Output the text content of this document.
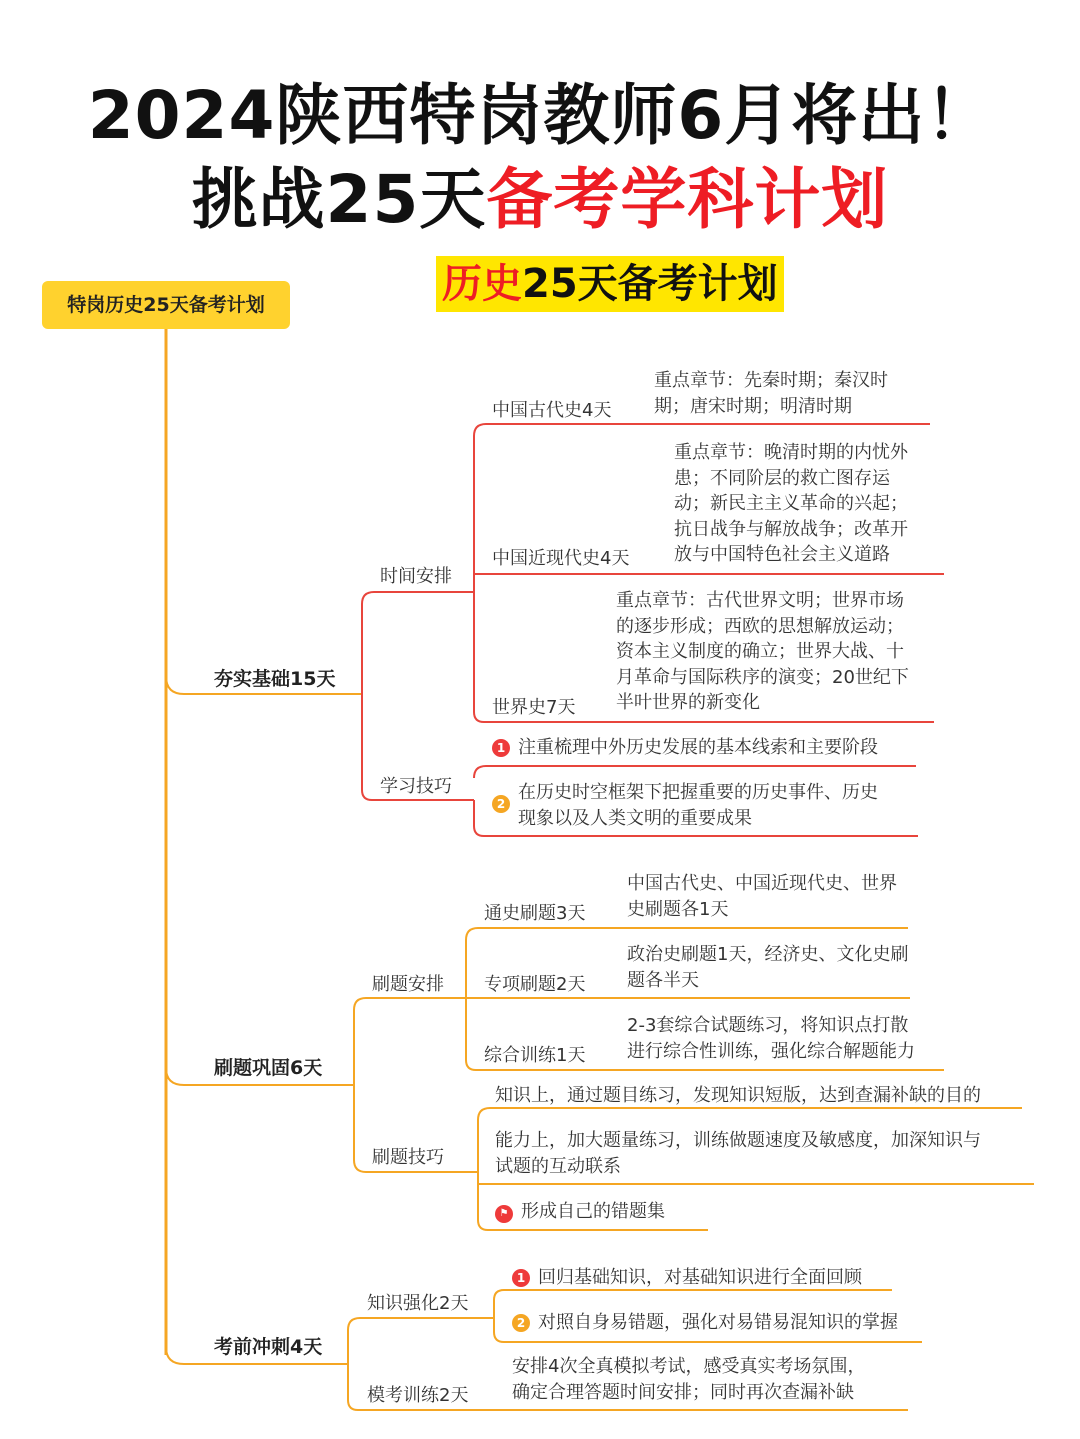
2024陕西特岗教师6月将出！
挑战25天备考学科计划
历史25天备考计划
特岗历史25天备考计划
夯实基础15天
刷题巩固6天
考前冲刺4天
时间安排
学习技巧
中国古代史4天
重点章节：先秦时期；秦汉时
期；唐宋时期；明清时期
中国近现代史4天
重点章节：晚清时期的内忧外
患；不同阶层的救亡图存运
动；新民主主义革命的兴起；
抗日战争与解放战争；改革开
放与中国特色社会主义道路
世界史7天
重点章节：古代世界文明；世界市场
的逐步形成；西欧的思想解放运动；
资本主义制度的确立；世界大战、十
月革命与国际秩序的演变；20世纪下
半叶世界的新变化
1 注重梳理中外历史发展的基本线索和主要阶段
2
在历史时空框架下把握重要的历史事件、历史
现象以及人类文明的重要成果
刷题安排
刷题技巧
通史刷题3天
中国古代史、中国近现代史、世界
史刷题各1天
专项刷题2天
政治史刷题1天，经济史、文化史刷
题各半天
综合训练1天
2-3套综合试题练习，将知识点打散
进行综合性训练，强化综合解题能力
知识上，通过题目练习，发现知识短版，达到查漏补缺的目的
能力上，加大题量练习，训练做题速度及敏感度，加深知识与
试题的互动联系
⚑ 形成自己的错题集
知识强化2天
模考训练2天
1 回归基础知识，对基础知识进行全面回顾
2 对照自身易错题，强化对易错易混知识的掌握
安排4次全真模拟考试，感受真实考场氛围，
确定合理答题时间安排；同时再次查漏补缺
